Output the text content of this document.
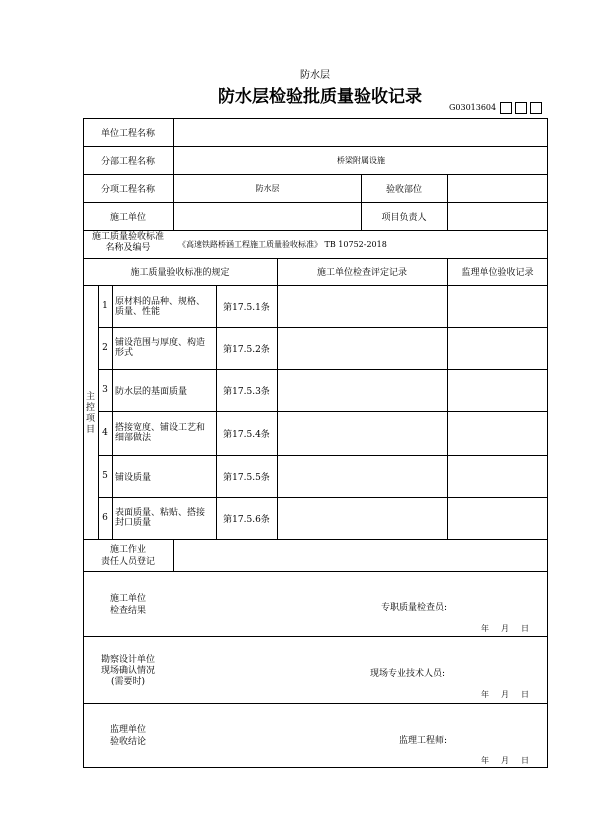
防水层
防水层检验批质量验收记录
G03013604
单位工程名称
分部工程名称	桥梁附属设施
分项工程名称	防水层	验收部位
施工单位	项目负责人
施工质量验收标准
名称及编号	《高速铁路桥涵工程施工质量验收标准》 TB 10752-2018
施工质量验收标准的规定	施工单位检查评定记录	监理单位验收记录
主
控
项
目
1 原材料的品种、规格、
质量、性能	第17.5.1条
2 铺设范围与厚度、构造
形式	第17.5.2条
3 防水层的基面质量	第17.5.3条
4 搭接宽度、铺设工艺和
细部做法	第17.5.4条
5 铺设质量	第17.5.5条
6 表面质量、粘贴、搭接
封口质量	第17.5.6条
施工作业
责任人员登记
施工单位
检查结果	专职质量检查员:
年 月 日
勘察设计单位
现场确认情况
(需要时)
现场专业技术人员:
年 月 日
监理单位
验收结论	监理工程师:
年 月 日
